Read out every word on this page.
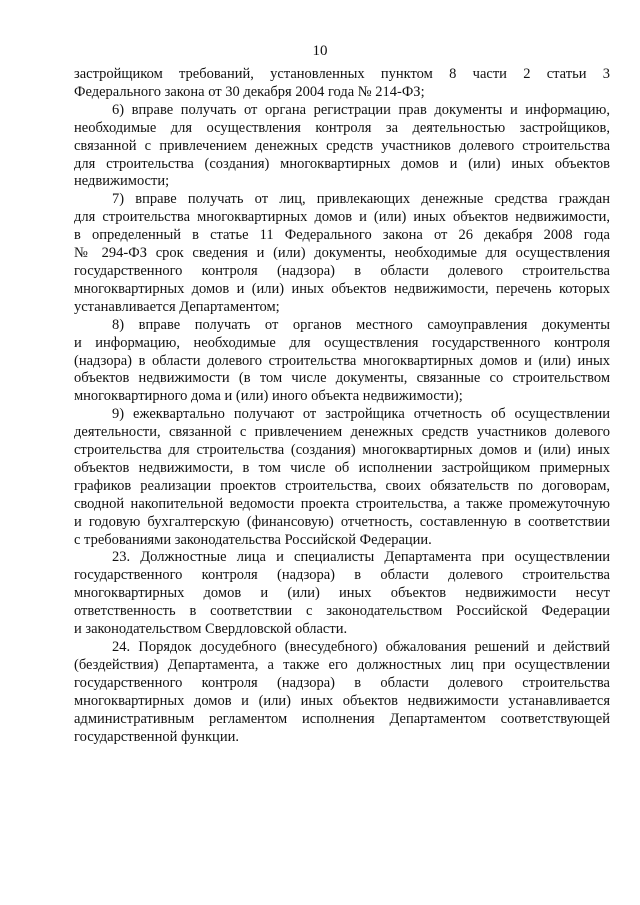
10
застройщиком требований, установленных пунктом 8 части 2 статьи 3
Федерального закона от 30 декабря 2004 года № 214-ФЗ;
6) вправе получать от органа регистрации прав документы и информацию,
необходимые для осуществления контроля за деятельностью застройщиков,
связанной с привлечением денежных средств участников долевого строительства
для строительства (создания) многоквартирных домов и (или) иных объектов
недвижимости;
7) вправе получать от лиц, привлекающих денежные средства граждан
для строительства многоквартирных домов и (или) иных объектов недвижимости,
в определенный в статье 11 Федерального закона от 26 декабря 2008 года
№ 294-ФЗ срок сведения и (или) документы, необходимые для осуществления
государственного контроля (надзора) в области долевого строительства
многоквартирных домов и (или) иных объектов недвижимости, перечень которых
устанавливается Департаментом;
8) вправе получать от органов местного самоуправления документы
и информацию, необходимые для осуществления государственного контроля
(надзора) в области долевого строительства многоквартирных домов и (или) иных
объектов недвижимости (в том числе документы, связанные со строительством
многоквартирного дома и (или) иного объекта недвижимости);
9) ежеквартально получают от застройщика отчетность об осуществлении
деятельности, связанной с привлечением денежных средств участников долевого
строительства для строительства (создания) многоквартирных домов и (или) иных
объектов недвижимости, в том числе об исполнении застройщиком примерных
графиков реализации проектов строительства, своих обязательств по договорам,
сводной накопительной ведомости проекта строительства, а также промежуточную
и годовую бухгалтерскую (финансовую) отчетность, составленную в соответствии
с требованиями законодательства Российской Федерации.
23. Должностные лица и специалисты Департамента при осуществлении
государственного контроля (надзора) в области долевого строительства
многоквартирных домов и (или) иных объектов недвижимости несут
ответственность в соответствии с законодательством Российской Федерации
и законодательством Свердловской области.
24. Порядок досудебного (внесудебного) обжалования решений и действий
(бездействия) Департамента, а также его должностных лиц при осуществлении
государственного контроля (надзора) в области долевого строительства
многоквартирных домов и (или) иных объектов недвижимости устанавливается
административным регламентом исполнения Департаментом соответствующей
государственной функции.
